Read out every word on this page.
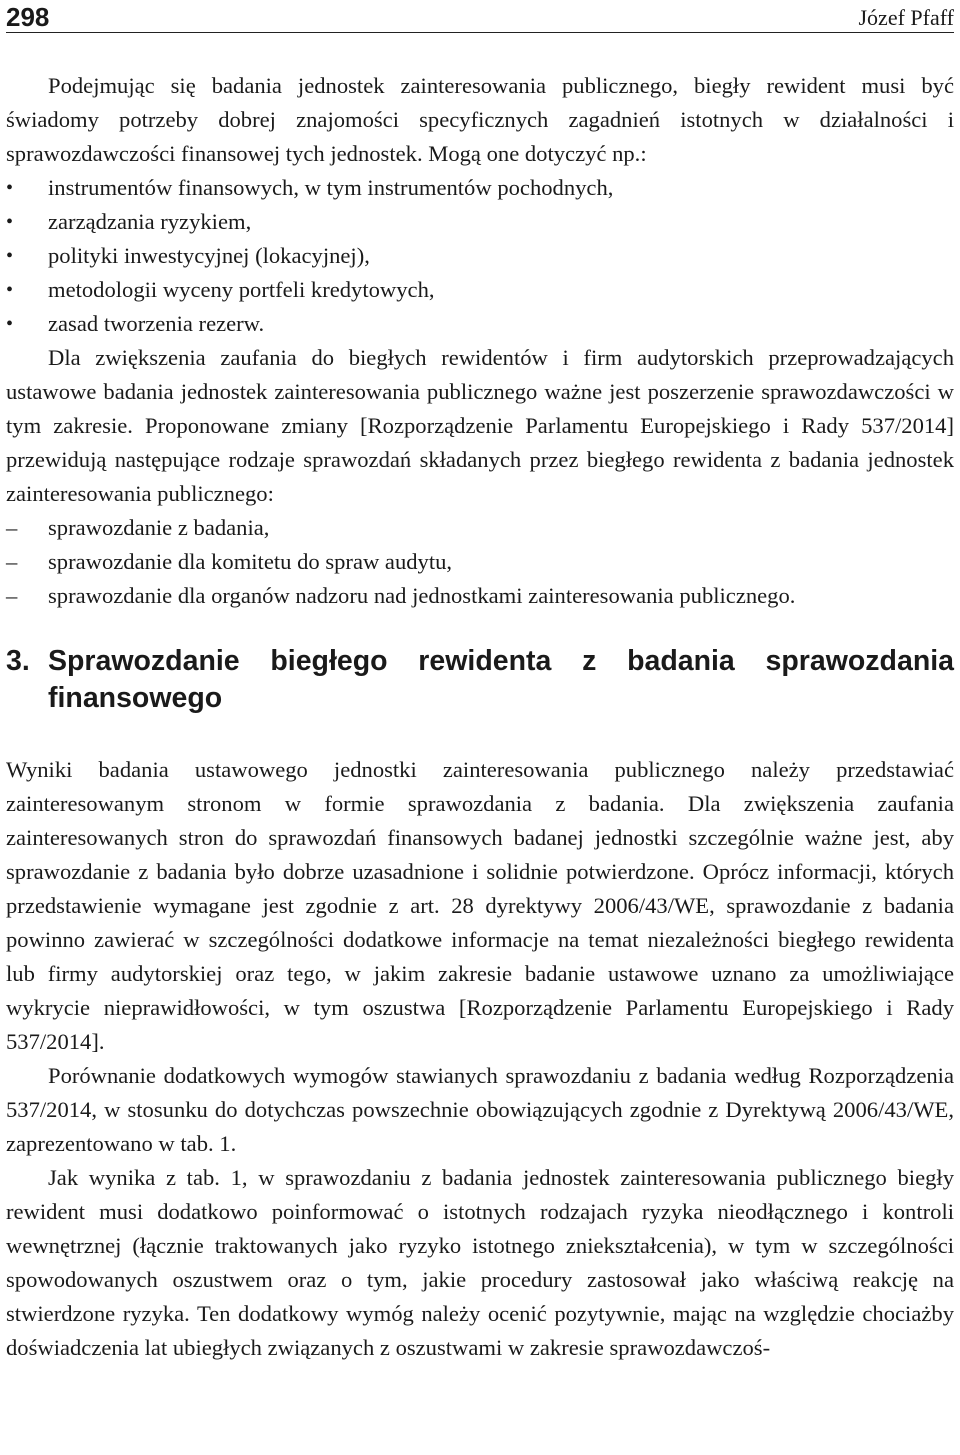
298	Józef Pfaff

Podejmując się badania jednostek zainteresowania publicznego, biegły rewident musi być świadomy potrzeby dobrej znajomości specyficznych zagadnień istotnych w działalności i sprawozdawczości finansowej tych jednostek. Mogą one dotyczyć np.:

•	instrumentów finansowych, w tym instrumentów pochodnych,
•	zarządzania ryzykiem,
•	polityki inwestycyjnej (lokacyjnej),
•	metodologii wyceny portfeli kredytowych,
•	zasad tworzenia rezerw.

Dla zwiększenia zaufania do biegłych rewidentów i firm audytorskich przeprowadzających ustawowe badania jednostek zainteresowania publicznego ważne jest poszerzenie sprawozdawczości w tym zakresie. Proponowane zmiany [Rozporządzenie Parlamentu Europejskiego i Rady 537/2014] przewidują następujące rodzaje sprawozdań składanych przez biegłego rewidenta z badania jednostek zainteresowania publicznego:

–	sprawozdanie z badania,
–	sprawozdanie dla komitetu do spraw audytu,
–	sprawozdanie dla organów nadzoru nad jednostkami zainteresowania publicznego.
3. Sprawozdanie biegłego rewidenta z badania sprawozdania finansowego

Wyniki badania ustawowego jednostki zainteresowania publicznego należy przedstawiać zainteresowanym stronom w formie sprawozdania z badania. Dla zwiększenia zaufania zainteresowanych stron do sprawozdań finansowych badanej jednostki szczególnie ważne jest, aby sprawozdanie z badania było dobrze uzasadnione i solidnie potwierdzone. Oprócz informacji, których przedstawienie wymagane jest zgodnie z art. 28 dyrektywy 2006/43/WE, sprawozdanie z badania powinno zawierać w szczególności dodatkowe informacje na temat niezależności biegłego rewidenta lub firmy audytorskiej oraz tego, w jakim zakresie badanie ustawowe uznano za umożliwiające wykrycie nieprawidłowości, w tym oszustwa [Rozporządzenie Parlamentu Europejskiego i Rady 537/2014].

Porównanie dodatkowych wymogów stawianych sprawozdaniu z badania według Rozporządzenia 537/2014, w stosunku do dotychczas powszechnie obowiązujących zgodnie z Dyrektywą 2006/43/WE, zaprezentowano w tab. 1.

Jak wynika z tab. 1, w sprawozdaniu z badania jednostek zainteresowania publicznego biegły rewident musi dodatkowo poinformować o istotnych rodzajach ryzyka nieodłącznego i kontroli wewnętrznej (łącznie traktowanych jako ryzyko istotnego zniekształcenia), w tym w szczególności spowodowanych oszustwem oraz o tym, jakie procedury zastosował jako właściwą reakcję na stwierdzone ryzyka. Ten dodatkowy wymóg należy ocenić pozytywnie, mając na względzie chociażby doświadczenia lat ubiegłych związanych z oszustwami w zakresie sprawozdawczoś-
